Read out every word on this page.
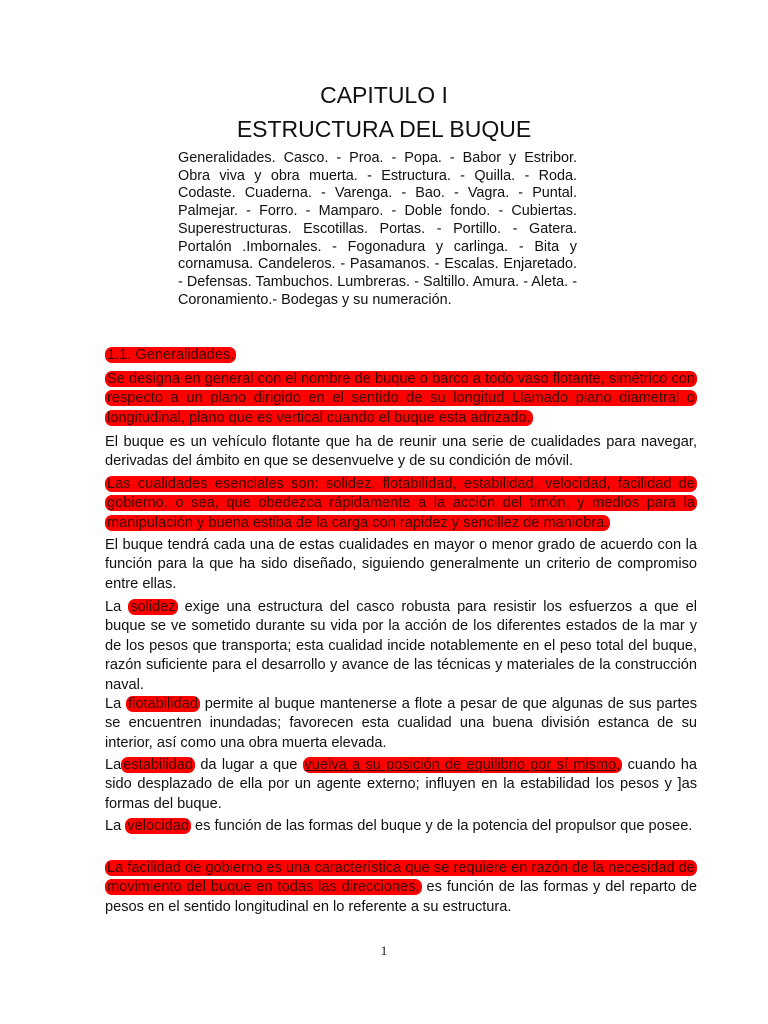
CAPITULO I
ESTRUCTURA DEL BUQUE

Generalidades. Casco. - Proa. - Popa. - Babor y Estribor. Obra viva y obra muerta. - Estructura. - Quilla. - Roda. Codaste. Cuaderna. - Varenga. - Bao. - Vagra. - Puntal. Palmejar. - Forro. - Mamparo. - Doble fondo. - Cubiertas. Superestructuras. Escotillas. Portas. - Portillo. - Gatera. Portalón .Imbornales. - Fogonadura y carlinga. - Bita y cornamusa. Candeleros. - Pasamanos. - Escalas. Enjaretado. - Defensas. Tambuchos. Lumbreras. - Saltillo. Amura. - Aleta. - Coronamiento.- Bodegas y su numeración.

1.1. Generalidades.

Se designa en general con el nombre de buque o barco a todo vaso flotante, simétrico con respecto a un plano dirigido en el sentido de su longitud Llamado plano diametral o longitudinal, plano que es vertical cuando el buque esta adrizado.

El buque es un vehículo flotante que ha de reunir una serie de cualidades para navegar, derivadas del ámbito en que se desenvuelve y de su condición de móvil.

Las cualidades esenciales son: solidez, flotabilidad, estabilidad, velocidad, facilidad de gobierno, o sea, que obedezca rápidamente a la acción del timón, y medios para la manipulación y buena estiba de la carga con rapidez y sencillez de maniobra.

El buque tendrá cada una de estas cualidades en mayor o menor grado de acuerdo con la función para la que ha sido diseñado, siguiendo generalmente un criterio de compromiso entre ellas.

La solidez exige una estructura del casco robusta para resistir los esfuerzos a que el buque se ve sometido durante su vida por la acción de los diferentes estados de la mar y de los pesos que transporta; esta cualidad incide notablemente en el peso total del buque, razón suficiente para el desarrollo y avance de las técnicas y materiales de la construcción naval.

La flotabilidad permite al buque mantenerse a flote a pesar de que algunas de sus partes se encuentren inundadas; favorecen esta cualidad una buena división estanca de su interior, así como una obra muerta elevada.

La estabilidad da lugar a que vuelva a su posición de equilibrio por sí mismo, cuando ha sido desplazado de ella por un agente externo; influyen en la estabilidad los pesos y ]as formas del buque.

La velocidad es función de las formas del buque y de la potencia del propulsor que posee.

La facilidad de gobierno es una característica que se requiere en razón de la necesidad de movimiento del buque en todas las direcciones, es función de las formas y del reparto de pesos en el sentido longitudinal en lo referente a su estructura.

1
